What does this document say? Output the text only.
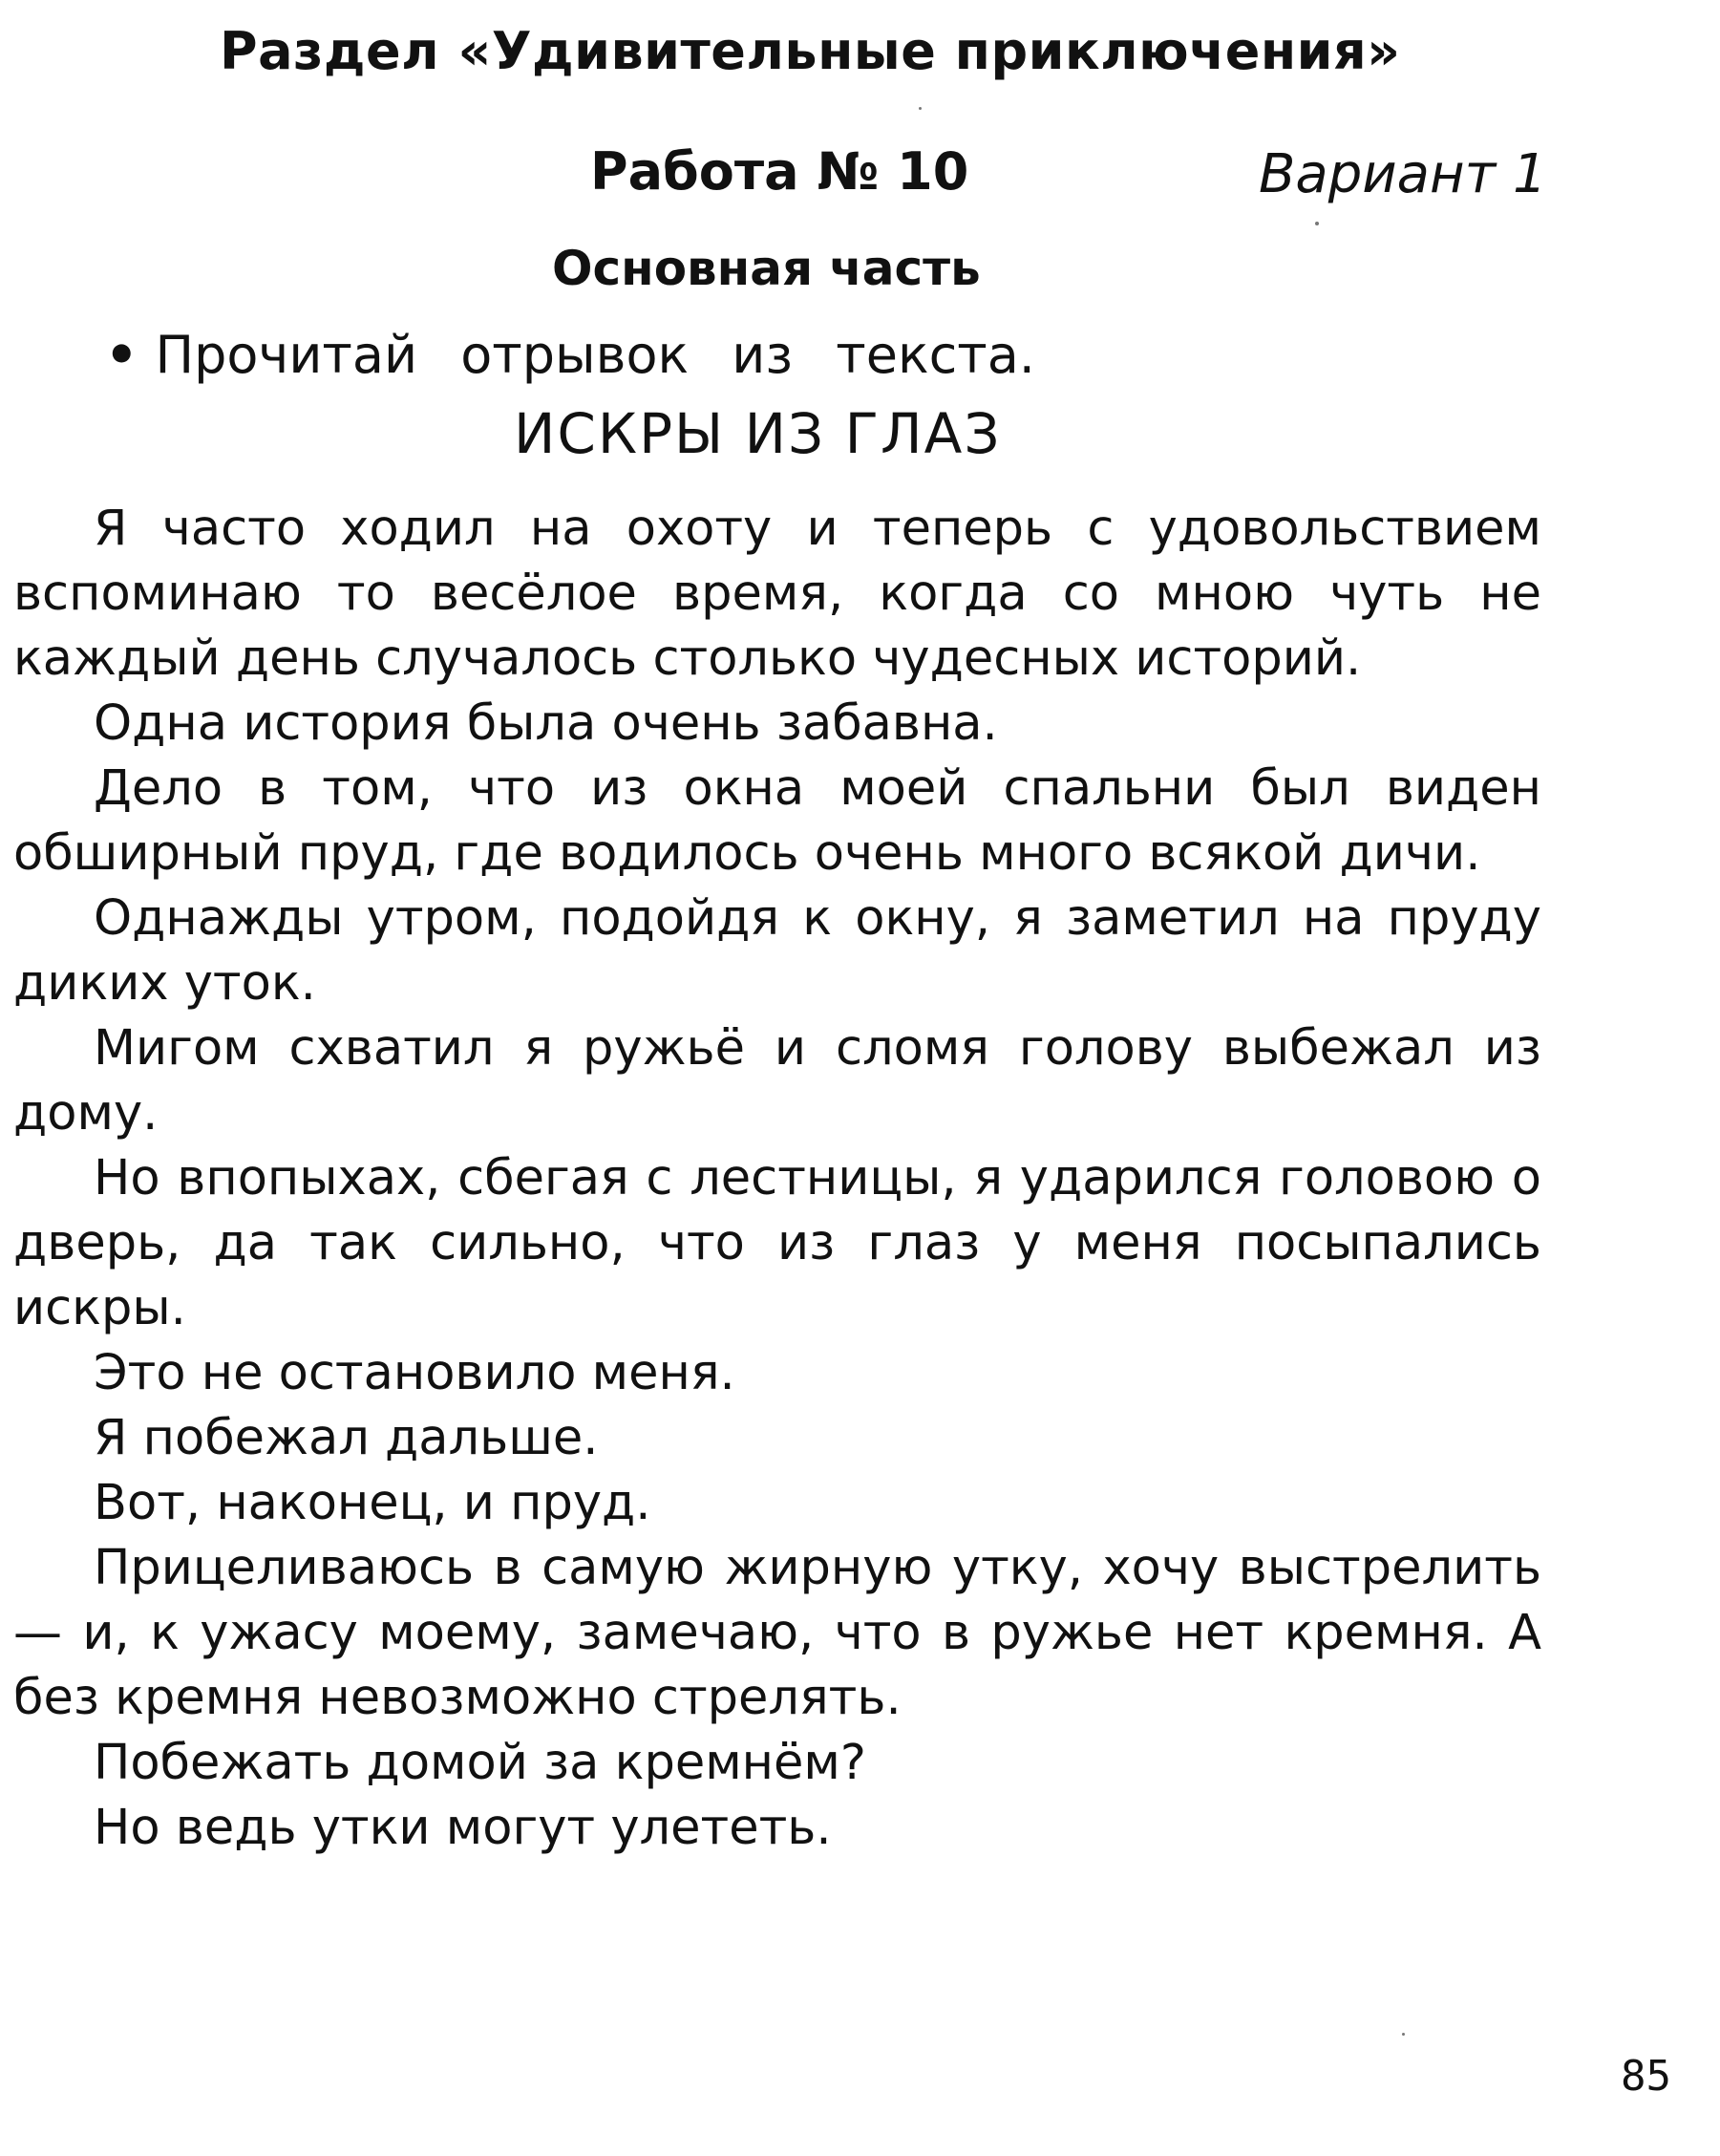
Раздел «Удивительные приключения»
Работа № 10	Вариант 1
Основная часть
• Прочитай отрывок из текста.
ИСКРЫ ИЗ ГЛАЗ

Я часто ходил на охоту и теперь с удовольствием вспоминаю то весёлое время, когда со мною чуть не каждый день случалось столько чудесных историй.

Одна история была очень забавна.

Дело в том, что из окна моей спальни был виден обширный пруд, где водилось очень много всякой дичи.

Однажды утром, подойдя к окну, я заметил на пруду диких уток.

Мигом схватил я ружьё и сломя голову выбежал из дому.

Но впопыхах, сбегая с лестницы, я ударился головою о дверь, да так сильно, что из глаз у меня посыпались искры.

Это не остановило меня.

Я побежал дальше.

Вот, наконец, и пруд.

Прицеливаюсь в самую жирную утку, хочу выстрелить — и, к ужасу моему, замечаю, что в ружье нет кремня. А без кремня невозможно стрелять.

Побежать домой за кремнём?

Но ведь утки могут улететь.

85
